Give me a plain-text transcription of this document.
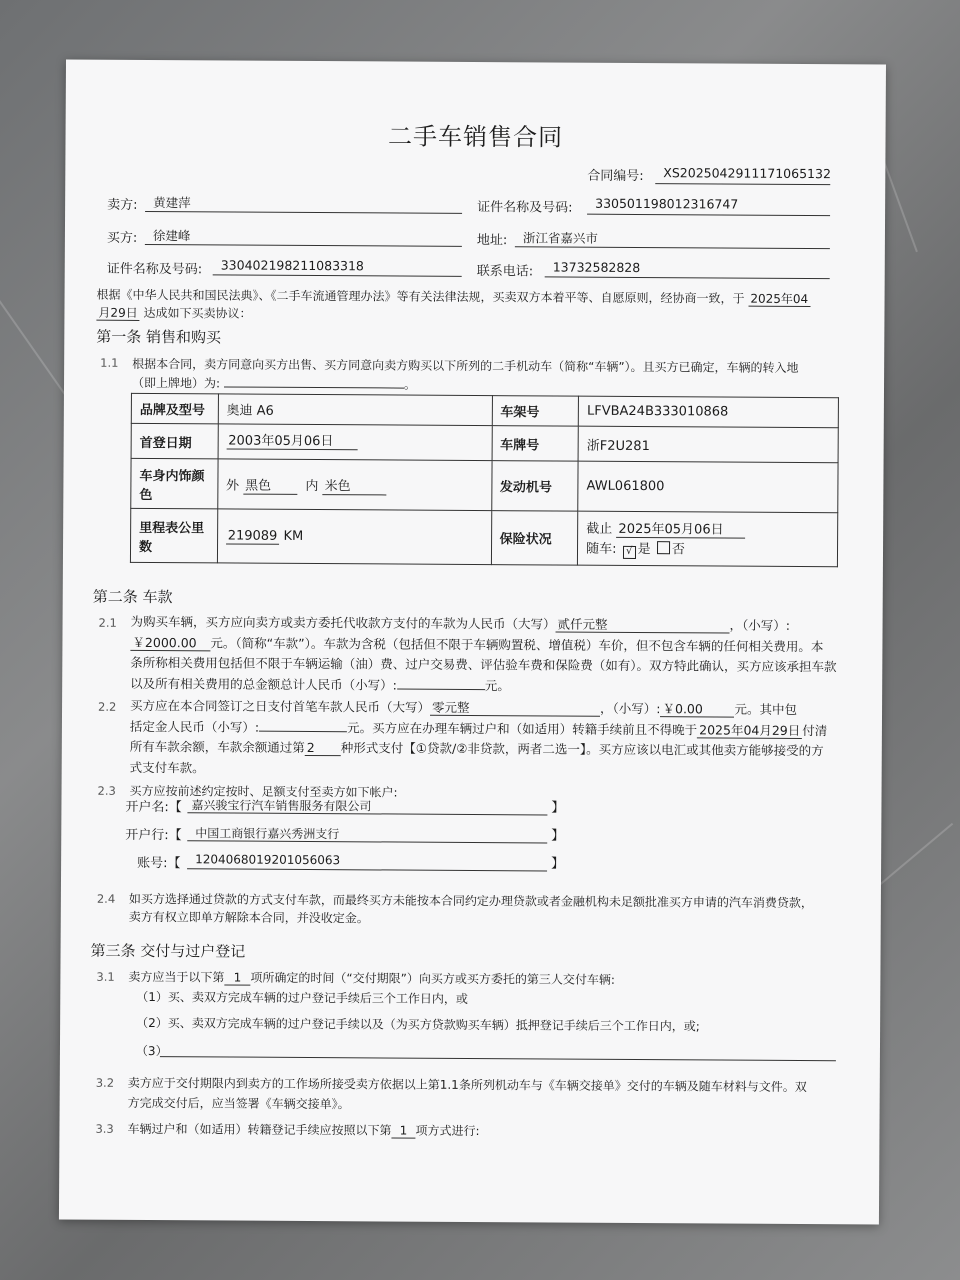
二手车销售合同
合同编号: XS20250429111710651​32
卖方: 黄建萍	证件名称及号码: 330501198012316747
买方: 徐建峰	地址: 浙江省嘉兴市
证件名称及号码: 330402198211083318	联系电话: 13732582828
根据《中华人民共和国民法典》、《二手车流通管理办法》等有关法律法规，买卖双方本着平等、自愿原则，经协商一致，于 2025年04
月29日 达成如下买卖协议：
第一条 销售和购买
1.1 根据本合同，卖方同意向买方出售、买方同意向卖方购买以下所列的二手机动车（简称“车辆”）。且买方已确定，车辆的转入地
（即上牌地）为:	。
品牌及型号	奥迪 A6	车架号	LFVBA24B333010868
首登日期	2003年05月06日	车牌号	浙F2U281
车身内饰颜色	外 黑色 内 米色	发动机号	AWL061800
里程表公里数	219089 KM	保险状况	截止 2025年05月06日
随车: √ 是 否
第二条 车款
2.1 为购买车辆，买方应向卖方或卖方委托代收款方支付的车款为人民币（大写） 贰仟元整	，（小写）:
￥2000.00 元。（简称“车款”）。车款为含税（包括但不限于车辆购置税、增值税）车价，但不包含车辆的任何相关费用。本
条所称相关费用包括但不限于车辆运输（油）费、过户交易费、评估验车费和保险费（如有）。双方特此确认，买方应该承担车款
以及所有相关费用的总金额总计人民币（小写）:	元。
2.2 买方应在本合同签订之日支付首笔车款人民币（大写） 零元整	，（小写）: ￥0.00	元。其中包
括定金人民币（小写）:	元。买方应在办理车辆过户和（如适用）转籍手续前且不得晚于 2025年04月29日 付清
所有车款余额，车款余额通过第 2 种形式支付【①贷款/②非贷款，两者二选一】。买方应该以电汇或其他卖方能够接受的方
式支付车款。
2.3 买方应按前述约定按时、足额支付至卖方如下帐户:
开户名:【 嘉兴骏宝行汽车销售服务有限公司	】
开户行:【 中国工商银行嘉兴秀洲支行	】
账号:【 1204068019201056063	】
2.4 如买方选择通过贷款的方式支付车款，而最终买方未能按本合同约定办理贷款或者金融机构未足额批准买方申请的汽车消费贷款，
卖方有权立即单方解除本合同，并没收定金。
第三条 交付与过户登记
3.1 卖方应当于以下第 1 项所确定的时间（“交付期限”）向买方或买方委托的第三人交付车辆:
（1）买、卖双方完成车辆的过户登记手续后三个工作日内，或
（2）买、卖双方完成车辆的过户登记手续以及（为买方贷款购买车辆）抵押登记手续后三个工作日内，或;
（3）
3.2 卖方应于交付期限内到卖方的工作场所接受卖方依据以上第1.1条所列机动车与《车辆交接单》交付的车辆及随车材料与文件。双
方完成交付后，应当签署《车辆交接单》。
3.3 车辆过户和（如适用）转籍登记手续应按照以下第 1 项方式进行:
